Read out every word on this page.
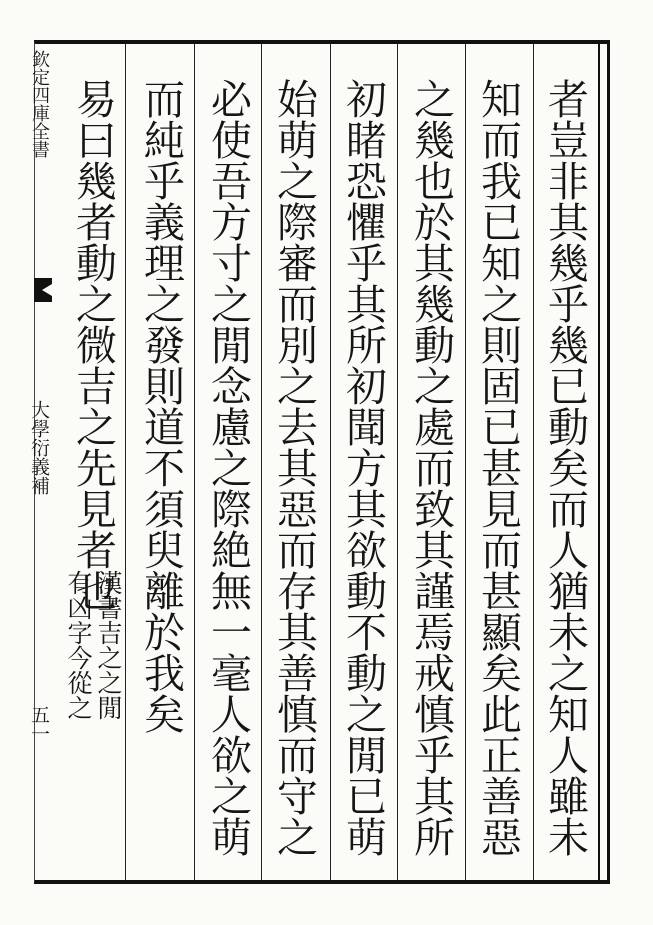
欽定四庫全書
大學衍義補
五一	者豈非其幾乎幾已動矣而人猶未之知人雖未
知而我已知之則固已甚見而甚顯矣此正善惡
之幾也於其幾動之處而致其謹焉戒慎乎其所
初睹恐懼乎其所初聞方其欲動不動之閒已萌
始萌之際審而別之去其惡而存其善慎而守之
必使吾方寸之閒念慮之際絶無一毫人欲之萌
而純乎義理之發則道不須臾離於我矣
易曰幾者動之微吉之先見者也
漢書吉之之閒
有凶字今從之
